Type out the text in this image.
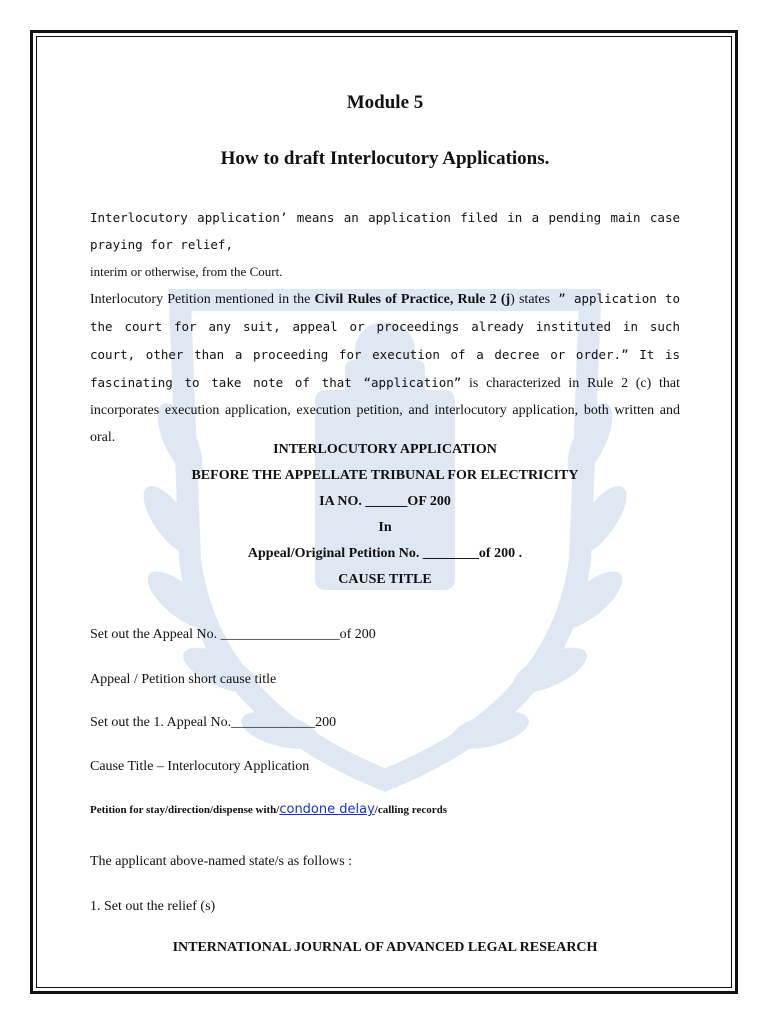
Module 5
How to draft Interlocutory Applications.

Interlocutory application’ means an application filed in a pending main case praying for relief,
interim or otherwise, from the Court.

Interlocutory Petition mentioned in the Civil Rules of Practice, Rule 2 (j) states ” application to the court for any suit, appeal or proceedings already instituted in such court, other than a proceeding for execution of a decree or order.” It is fascinating to take note of that “application” is characterized in Rule 2 (c) that incorporates execution application, execution petition, and interlocutory application, both written and oral.

INTERLOCUTORY APPLICATION
BEFORE THE APPELLATE TRIBUNAL FOR ELECTRICITY
IA NO. ______OF 200
In
Appeal/Original Petition No. ________of 200 .
CAUSE TITLE

Set out the Appeal No. _________________of 200

Appeal / Petition short cause title

Set out the 1. Appeal No.____________200

Cause Title – Interlocutory Application

Petition for stay/direction/dispense with/condone delay/calling records

The applicant above-named state/s as follows :

1. Set out the relief (s)

INTERNATIONAL JOURNAL OF ADVANCED LEGAL RESEARCH
